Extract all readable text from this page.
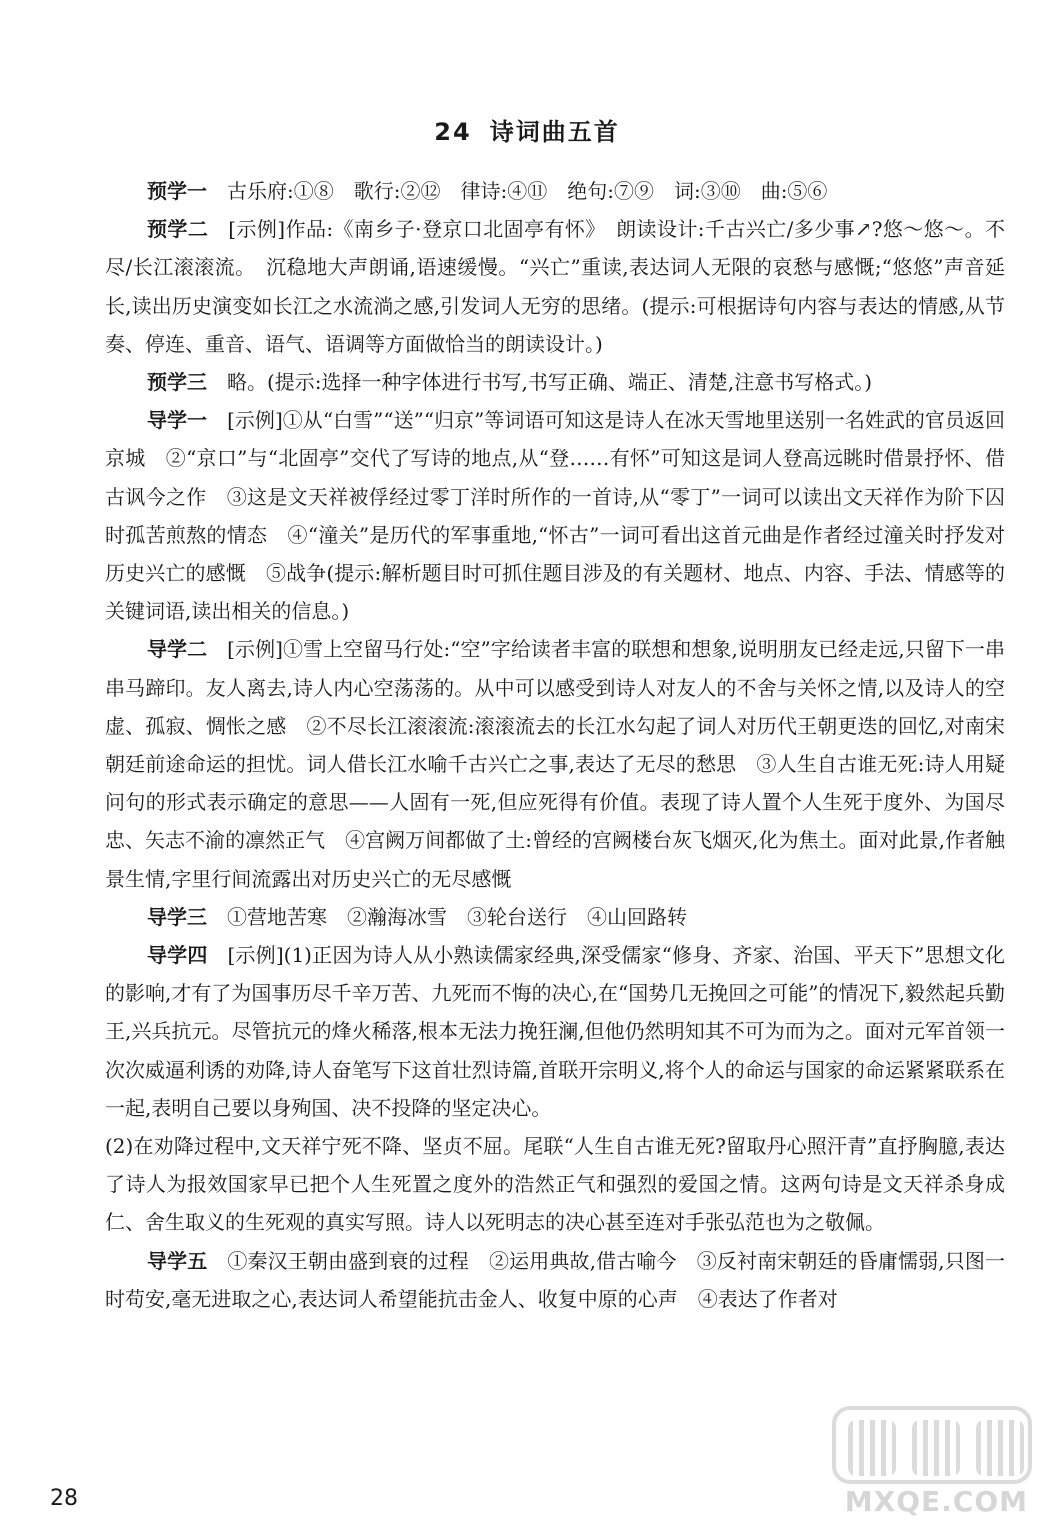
24 诗词曲五首

预学一 古乐府:①⑧　歌行:②⑫　律诗:④⑪　绝句:⑦⑨　词:③⑩　曲:⑤⑥

预学二 [示例]作品:《南乡子·登京口北固亭有怀》　朗读设计:千古兴亡/多少事↗?悠～悠～。不尽/长江滚滚流。　沉稳地大声朗诵,语速缓慢。“兴亡”重读,表达词人无限的哀愁与感慨;“悠悠”声音延长,读出历史演变如长江之水流淌之感,引发词人无穷的思绪。(提示:可根据诗句内容与表达的情感,从节奏、停连、重音、语气、语调等方面做恰当的朗读设计。)

预学三 略。(提示:选择一种字体进行书写,书写正确、端正、清楚,注意书写格式。)

导学一 [示例]①从“白雪”“送”“归京”等词语可知这是诗人在冰天雪地里送别一名姓武的官员返回京城　②“京口”与“北固亭”交代了写诗的地点,从“登……有怀”可知这是词人登高远眺时借景抒怀、借古讽今之作　③这是文天祥被俘经过零丁洋时所作的一首诗,从“零丁”一词可以读出文天祥作为阶下囚时孤苦煎熬的情态　④“潼关”是历代的军事重地,“怀古”一词可看出这首元曲是作者经过潼关时抒发对历史兴亡的感慨　⑤战争(提示:解析题目时可抓住题目涉及的有关题材、地点、内容、手法、情感等的关键词语,读出相关的信息。)

导学二 [示例]①雪上空留马行处:“空”字给读者丰富的联想和想象,说明朋友已经走远,只留下一串串马蹄印。友人离去,诗人内心空荡荡的。从中可以感受到诗人对友人的不舍与关怀之情,以及诗人的空虚、孤寂、惆怅之感　②不尽长江滚滚流:滚滚流去的长江水勾起了词人对历代王朝更迭的回忆,对南宋朝廷前途命运的担忧。词人借长江水喻千古兴亡之事,表达了无尽的愁思　③人生自古谁无死:诗人用疑问句的形式表示确定的意思——人固有一死,但应死得有价值。表现了诗人置个人生死于度外、为国尽忠、矢志不渝的凛然正气　④宫阙万间都做了土:曾经的宫阙楼台灰飞烟灭,化为焦土。面对此景,作者触景生情,字里行间流露出对历史兴亡的无尽感慨

导学三 ①营地苦寒　②瀚海冰雪　③轮台送行　④山回路转

导学四 [示例](1)正因为诗人从小熟读儒家经典,深受儒家“修身、齐家、治国、平天下”思想文化的影响,才有了为国事历尽千辛万苦、九死而不悔的决心,在“国势几无挽回之可能”的情况下,毅然起兵勤王,兴兵抗元。尽管抗元的烽火稀落,根本无法力挽狂澜,但他仍然明知其不可为而为之。面对元军首领一次次威逼利诱的劝降,诗人奋笔写下这首壮烈诗篇,首联开宗明义,将个人的命运与国家的命运紧紧联系在一起,表明自己要以身殉国、决不投降的坚定决心。

(2)在劝降过程中,文天祥宁死不降、坚贞不屈。尾联“人生自古谁无死?留取丹心照汗青”直抒胸臆,表达了诗人为报效国家早已把个人生死置之度外的浩然正气和强烈的爱国之情。这两句诗是文天祥杀身成仁、舍生取义的生死观的真实写照。诗人以死明志的决心甚至连对手张弘范也为之敬佩。

导学五 ①秦汉王朝由盛到衰的过程　②运用典故,借古喻今　③反衬南宋朝廷的昏庸懦弱,只图一时苟安,毫无进取之心,表达词人希望能抗击金人、收复中原的心声　④表达了作者对

28	MXQE.COM
